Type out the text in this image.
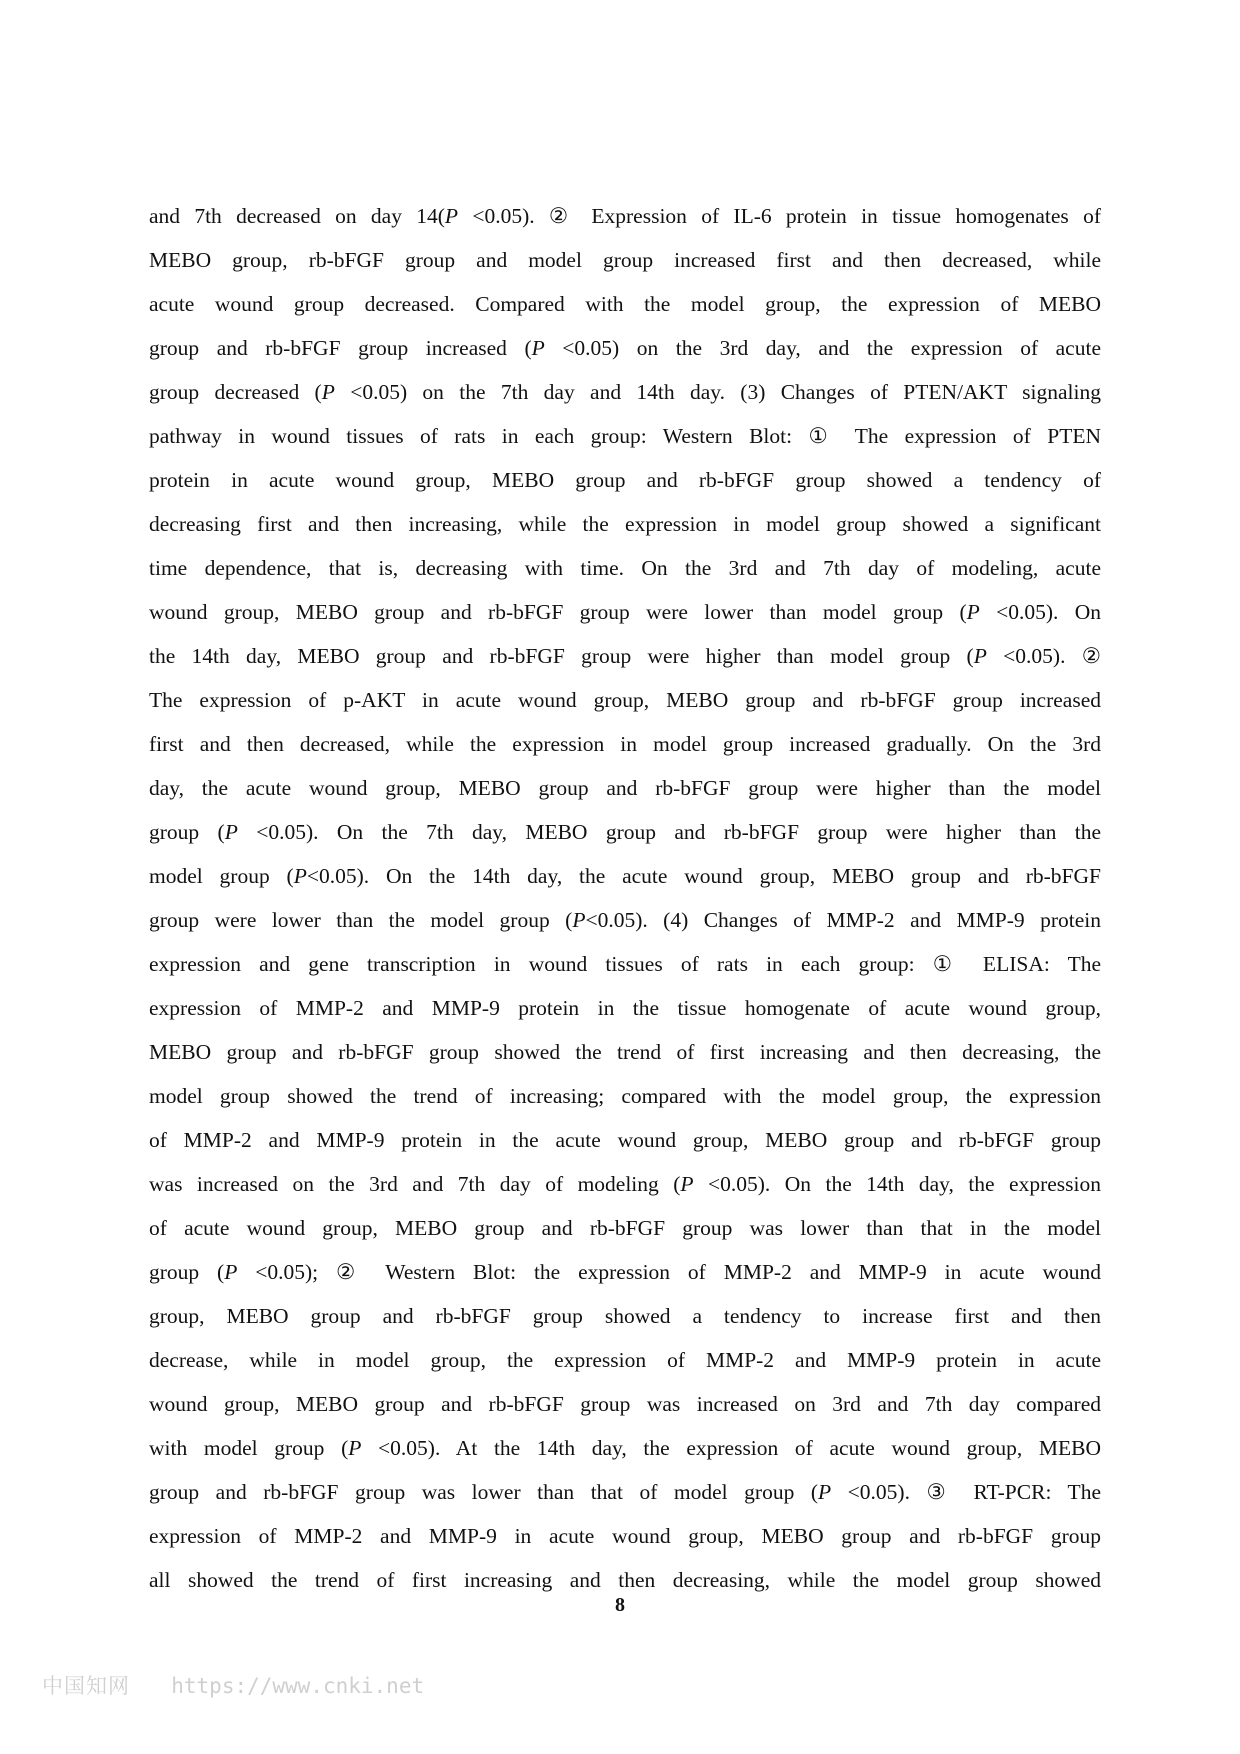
and 7th decreased on day 14(P <0.05). ② Expression of IL-6 protein in tissue homogenates of
MEBO group, rb-bFGF group and model group increased first and then decreased, while
acute wound group decreased. Compared with the model group, the expression of MEBO
group and rb-bFGF group increased (P <0.05) on the 3rd day, and the expression of acute
group decreased (P <0.05) on the 7th day and 14th day. (3) Changes of PTEN/AKT signaling
pathway in wound tissues of rats in each group: Western Blot: ① The expression of PTEN
protein in acute wound group, MEBO group and rb-bFGF group showed a tendency of
decreasing first and then increasing, while the expression in model group showed a significant
time dependence, that is, decreasing with time. On the 3rd and 7th day of modeling, acute
wound group, MEBO group and rb-bFGF group were lower than model group (P <0.05). On
the 14th day, MEBO group and rb-bFGF group were higher than model group (P <0.05). ②
The expression of p-AKT in acute wound group, MEBO group and rb-bFGF group increased
first and then decreased, while the expression in model group increased gradually. On the 3rd
day, the acute wound group, MEBO group and rb-bFGF group were higher than the model
group (P <0.05). On the 7th day, MEBO group and rb-bFGF group were higher than the
model group (P<0.05). On the 14th day, the acute wound group, MEBO group and rb-bFGF
group were lower than the model group (P<0.05). (4) Changes of MMP-2 and MMP-9 protein
expression and gene transcription in wound tissues of rats in each group: ① ELISA: The
expression of MMP-2 and MMP-9 protein in the tissue homogenate of acute wound group,
MEBO group and rb-bFGF group showed the trend of first increasing and then decreasing, the
model group showed the trend of increasing; compared with the model group, the expression
of MMP-2 and MMP-9 protein in the acute wound group, MEBO group and rb-bFGF group
was increased on the 3rd and 7th day of modeling (P <0.05). On the 14th day, the expression
of acute wound group, MEBO group and rb-bFGF group was lower than that in the model
group (P <0.05); ② Western Blot: the expression of MMP-2 and MMP-9 in acute wound
group, MEBO group and rb-bFGF group showed a tendency to increase first and then
decrease, while in model group, the expression of MMP-2 and MMP-9 protein in acute
wound group, MEBO group and rb-bFGF group was increased on 3rd and 7th day compared
with model group (P <0.05). At the 14th day, the expression of acute wound group, MEBO
group and rb-bFGF group was lower than that of model group (P <0.05). ③ RT-PCR: The
expression of MMP-2 and MMP-9 in acute wound group, MEBO group and rb-bFGF group
all showed the trend of first increasing and then decreasing, while the model group showed
8
中国知网 https://www.cnki.net
